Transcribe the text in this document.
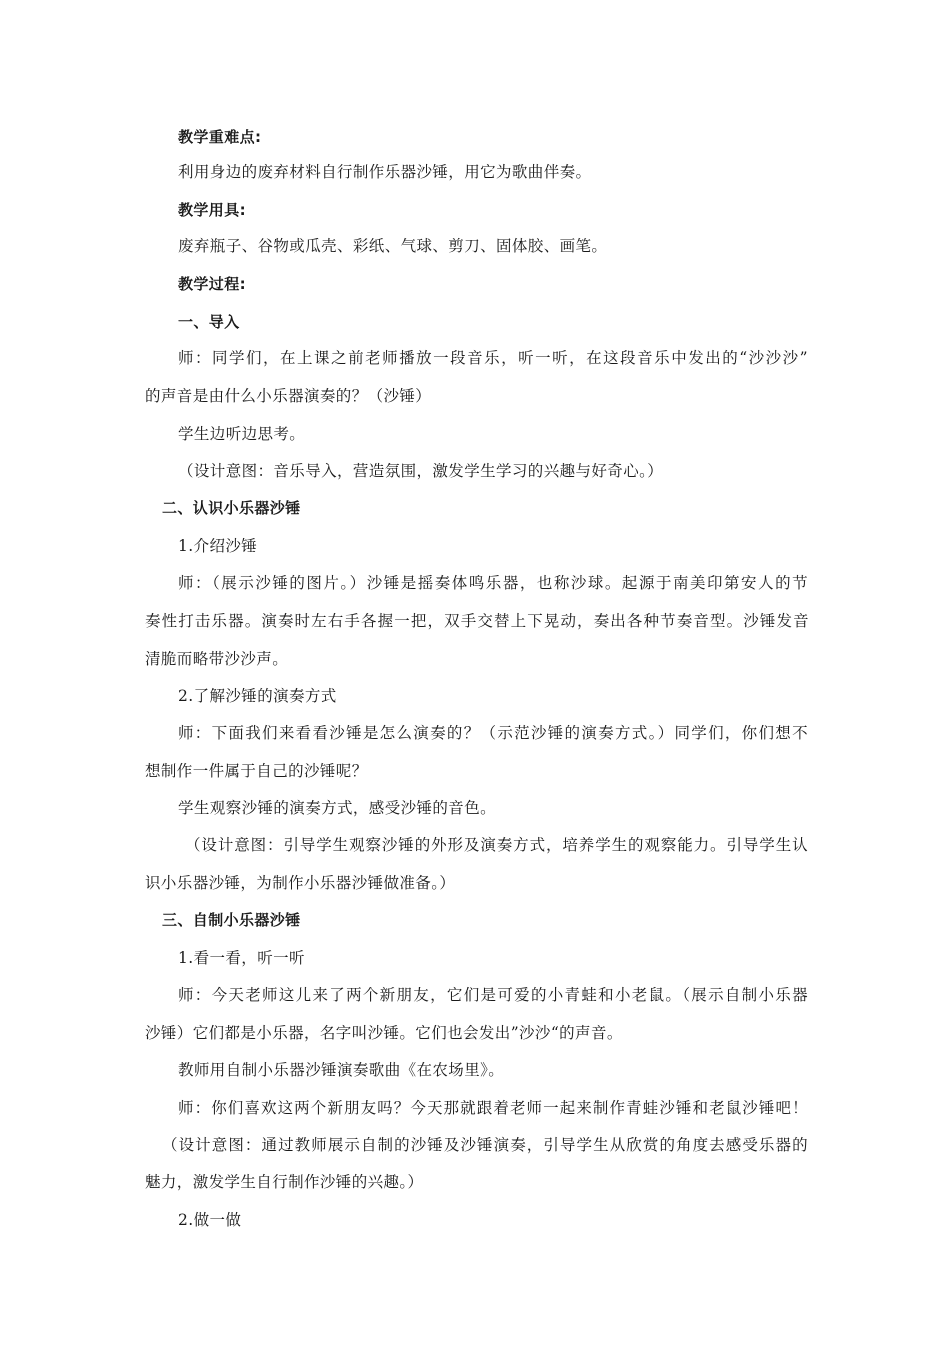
教学重难点:
利用身边的废弃材料自行制作乐器沙锤，用它为歌曲伴奏。
教学用具:
废弃瓶子、谷物或瓜壳、彩纸、气球、剪刀、固体胶、画笔。
教学过程:
一、导入
师：同学们，在上课之前老师播放一段音乐，听一听，在这段音乐中发出的“沙沙沙”
的声音是由什么小乐器演奏的？（沙锤）
学生边听边思考。
（设计意图：音乐导入，营造氛围，激发学生学习的兴趣与好奇心。）
二、认识小乐器沙锤
1.介绍沙锤
师：（展示沙锤的图片。）沙锤是摇奏体鸣乐器，也称沙球。起源于南美印第安人的节
奏性打击乐器。演奏时左右手各握一把，双手交替上下晃动，奏出各种节奏音型。沙锤发音
清脆而略带沙沙声。
2.了解沙锤的演奏方式
师：下面我们来看看沙锤是怎么演奏的？（示范沙锤的演奏方式。）同学们，你们想不
想制作一件属于自己的沙锤呢？
学生观察沙锤的演奏方式，感受沙锤的音色。
（设计意图：引导学生观察沙锤的外形及演奏方式，培养学生的观察能力。引导学生认
识小乐器沙锤，为制作小乐器沙锤做准备。）
三、自制小乐器沙锤
1.看一看，听一听
师：今天老师这儿来了两个新朋友，它们是可爱的小青蛙和小老鼠。（展示自制小乐器
沙锤）它们都是小乐器，名字叫沙锤。它们也会发出”沙沙“的声音。
教师用自制小乐器沙锤演奏歌曲《在农场里》。
师：你们喜欢这两个新朋友吗？今天那就跟着老师一起来制作青蛙沙锤和老鼠沙锤吧！
（设计意图：通过教师展示自制的沙锤及沙锤演奏，引导学生从欣赏的角度去感受乐器的
魅力，激发学生自行制作沙锤的兴趣。）
2.做一做
